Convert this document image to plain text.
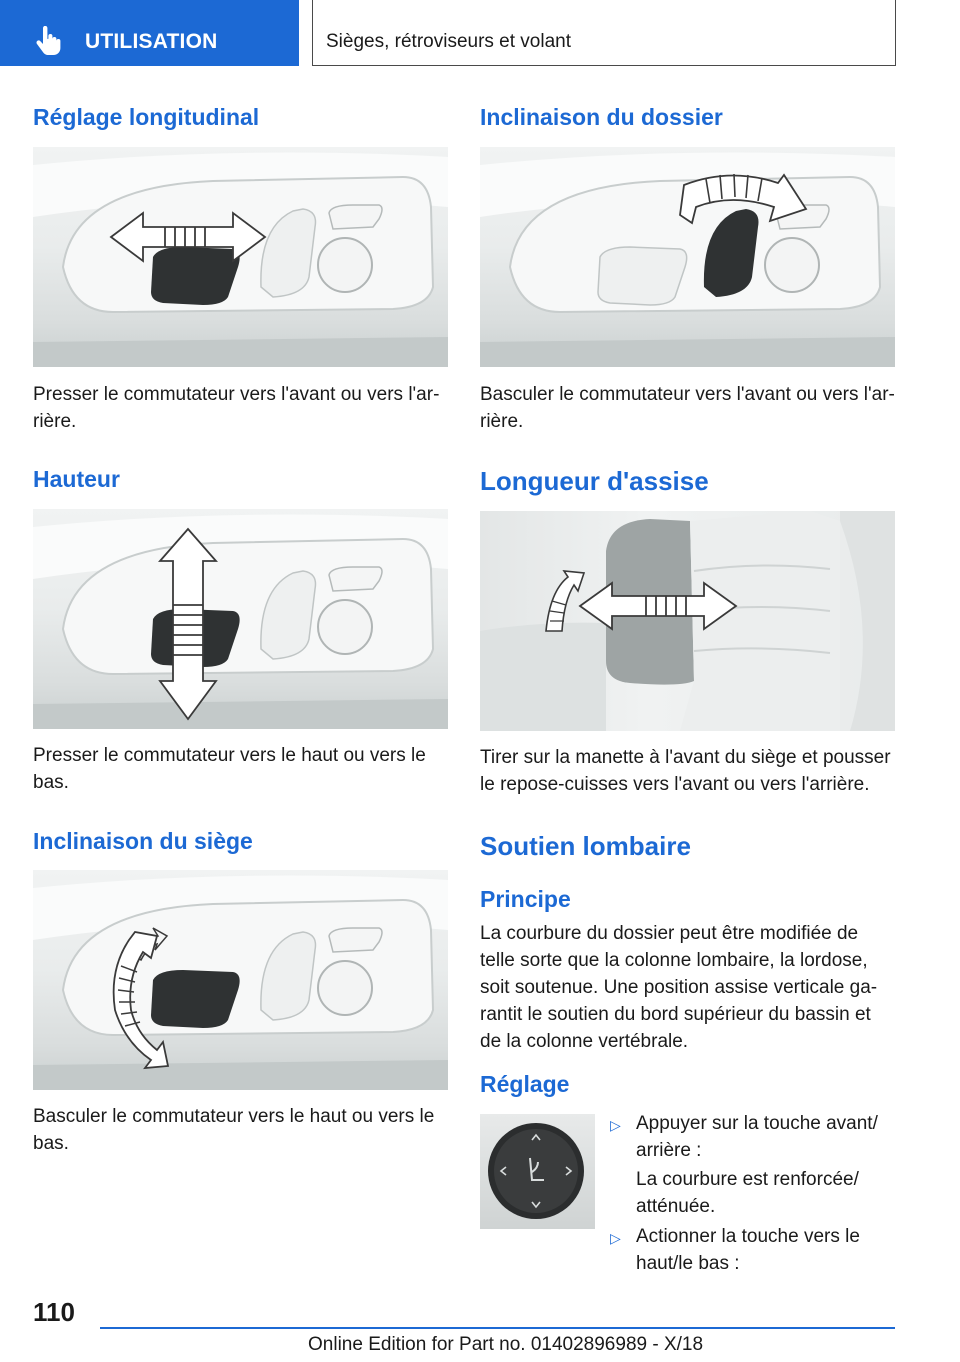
UTILISATION	Sièges, rétroviseurs et volant
Réglage longitudinal
Presser le commutateur vers l'avant ou vers l'ar‐
rière.
Hauteur
Presser le commutateur vers le haut ou vers le
bas.
Inclinaison du siège
Basculer le commutateur vers le haut ou vers le
bas.
Inclinaison du dossier
Basculer le commutateur vers l'avant ou vers l'ar‐
rière.
Longueur d'assise
Tirer sur la manette à l'avant du siège et pousser
le repose-cuisses vers l'avant ou vers l'arrière.
Soutien lombaire
Principe
La courbure du dossier peut être modifiée de
telle sorte que la colonne lombaire, la lordose,
soit soutenue. Une position assise verticale ga‐
rantit le soutien du bord supérieur du bassin et
de la colonne vertébrale.
Réglage
▷ Appuyer sur la touche avant/
arrière :
La courbure est renforcée/
atténuée.
▷ Actionner la touche vers le
haut/le bas :
110
Online Edition for Part no. 01402896989 - X/18
